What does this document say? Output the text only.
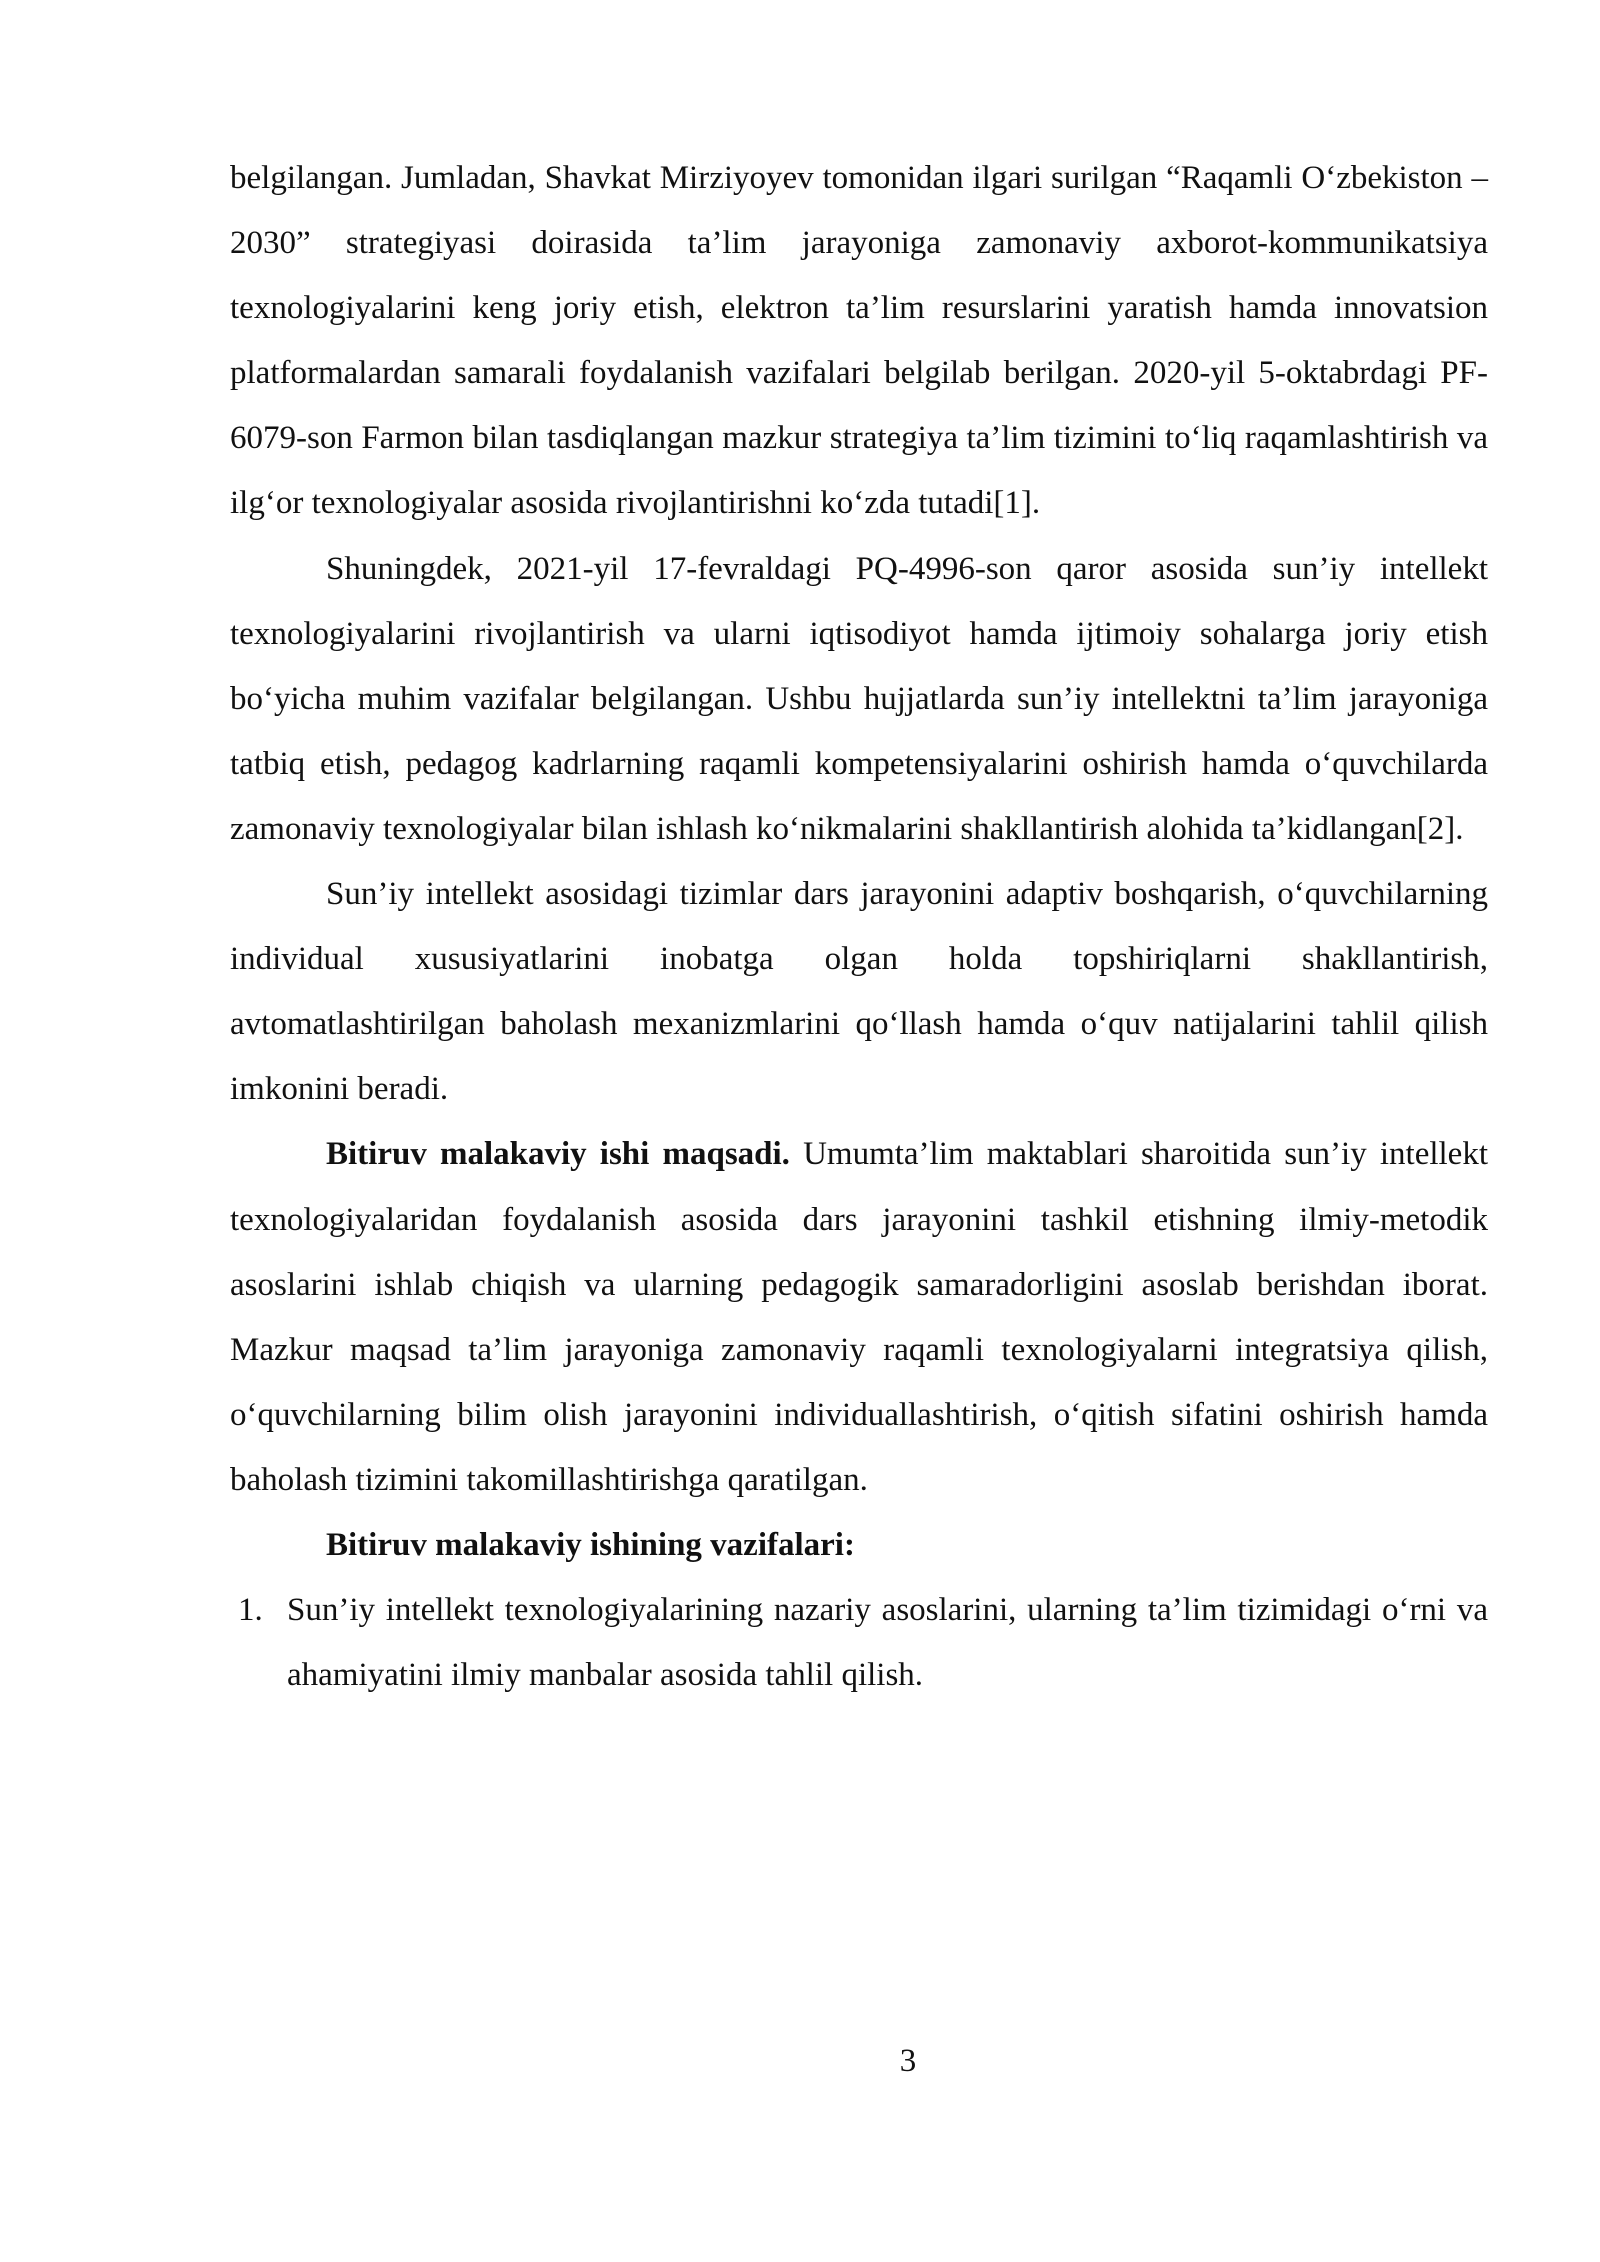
belgilangan. Jumladan, Shavkat Mirziyoyev tomonidan ilgari surilgan “Raqamli O‘zbekiston – 2030” strategiyasi doirasida ta’lim jarayoniga zamonaviy axborot-kommunikatsiya texnologiyalarini keng joriy etish, elektron ta’lim resurslarini yaratish hamda innovatsion platformalardan samarali foydalanish vazifalari belgilab berilgan. 2020-yil 5-oktabrdagi PF-6079-son Farmon bilan tasdiqlangan mazkur strategiya ta’lim tizimini to‘liq raqamlashtirish va ilg‘or texnologiyalar asosida rivojlantirishni ko‘zda tutadi[1].

Shuningdek, 2021-yil 17-fevraldagi PQ-4996-son qaror asosida sun’iy intellekt texnologiyalarini rivojlantirish va ularni iqtisodiyot hamda ijtimoiy sohalarga joriy etish bo‘yicha muhim vazifalar belgilangan. Ushbu hujjatlarda sun’iy intellektni ta’lim jarayoniga tatbiq etish, pedagog kadrlarning raqamli kompetensiyalarini oshirish hamda o‘quvchilarda zamonaviy texnologiyalar bilan ishlash ko‘nikmalarini shakllantirish alohida ta’kidlangan[2].

Sun’iy intellekt asosidagi tizimlar dars jarayonini adaptiv boshqarish, o‘quvchilarning individual xususiyatlarini inobatga olgan holda topshiriqlarni shakllantirish, avtomatlashtirilgan baholash mexanizmlarini qo‘llash hamda o‘quv natijalarini tahlil qilish imkonini beradi.

Bitiruv malakaviy ishi maqsadi. Umumta’lim maktablari sharoitida sun’iy intellekt texnologiyalaridan foydalanish asosida dars jarayonini tashkil etishning ilmiy-metodik asoslarini ishlab chiqish va ularning pedagogik samaradorligini asoslab berishdan iborat. Mazkur maqsad ta’lim jarayoniga zamonaviy raqamli texnologiyalarni integratsiya qilish, o‘quvchilarning bilim olish jarayonini individuallashtirish, o‘qitish sifatini oshirish hamda baholash tizimini takomillashtirishga qaratilgan.

Bitiruv malakaviy ishining vazifalari:

1. Sun’iy intellekt texnologiyalarining nazariy asoslarini, ularning ta’lim tizimidagi o‘rni va ahamiyatini ilmiy manbalar asosida tahlil qilish.
3
